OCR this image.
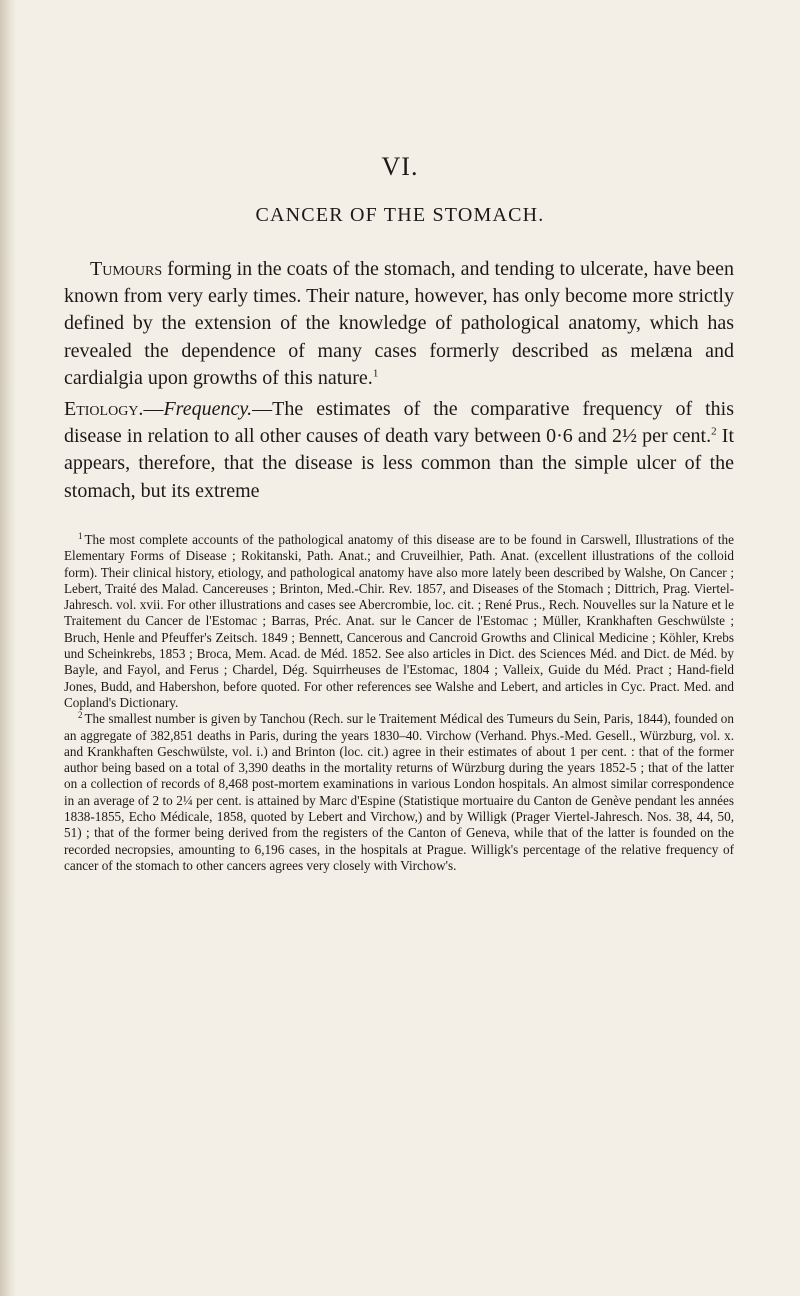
VI.
CANCER OF THE STOMACH.

Tumours forming in the coats of the stomach, and tending to ulcerate, have been known from very early times. Their nature, however, has only become more strictly defined by the extension of the knowledge of pathological anatomy, which has revealed the dependence of many cases formerly described as melæna and cardialgia upon growths of this nature.$^1$

Etiology.—Frequency.—The estimates of the comparative frequency of this disease in relation to all other causes of death vary between 0·6 and 2½ per cent.$^2$ It appears, therefore, that the disease is less common than the simple ulcer of the stomach, but its extreme

$^1$ The most complete accounts of the pathological anatomy of this disease are to be found in Carswell, Illustrations of the Elementary Forms of Disease ; Rokitanski, Path. Anat.; and Cruveilhier, Path. Anat. (excellent illustrations of the colloid form). Their clinical history, etiology, and pathological anatomy have also more lately been described by Walshe, On Cancer ; Lebert, Traité des Malad. Cancereuses ; Brinton, Med.-Chir. Rev. 1857, and Diseases of the Stomach ; Dittrich, Prag. Viertel-Jahresch. vol. xvii. For other illustrations and cases see Abercrombie, loc. cit. ; René Prus., Rech. Nouvelles sur la Nature et le Traitement du Cancer de l'Estomac ; Barras, Préc. Anat. sur le Cancer de l'Estomac ; Müller, Krankhaften Geschwülste ; Bruch, Henle and Pfeuffer's Zeitsch. 1849 ; Bennett, Cancerous and Cancroid Growths and Clinical Medicine ; Köhler, Krebs und Scheinkrebs, 1853 ; Broca, Mem. Acad. de Méd. 1852. See also articles in Dict. des Sciences Méd. and Dict. de Méd. by Bayle, and Fayol, and Ferus ; Chardel, Dég. Squirrheuses de l'Estomac, 1804 ; Valleix, Guide du Méd. Pract ; Hand-field Jones, Budd, and Habershon, before quoted. For other references see Walshe and Lebert, and articles in Cyc. Pract. Med. and Copland's Dictionary.

$^2$ The smallest number is given by Tanchou (Rech. sur le Traitement Médical des Tumeurs du Sein, Paris, 1844), founded on an aggregate of 382,851 deaths in Paris, during the years 1830–40. Virchow (Verhand. Phys.-Med. Gesell., Würzburg, vol. x. and Krankhaften Geschwülste, vol. i.) and Brinton (loc. cit.) agree in their estimates of about 1 per cent. : that of the former author being based on a total of 3,390 deaths in the mortality returns of Würzburg during the years 1852-5 ; that of the latter on a collection of records of 8,468 post-mortem examinations in various London hospitals. An almost similar correspondence in an average of 2 to 2¼ per cent. is attained by Marc d'Espine (Statistique mortuaire du Canton de Genève pendant les années 1838-1855, Echo Médicale, 1858, quoted by Lebert and Virchow,) and by Willigk (Prager Viertel-Jahresch. Nos. 38, 44, 50, 51) ; that of the former being derived from the registers of the Canton of Geneva, while that of the latter is founded on the recorded necropsies, amounting to 6,196 cases, in the hospitals at Prague. Willigk's percentage of the relative frequency of cancer of the stomach to other cancers agrees very closely with Virchow's.
